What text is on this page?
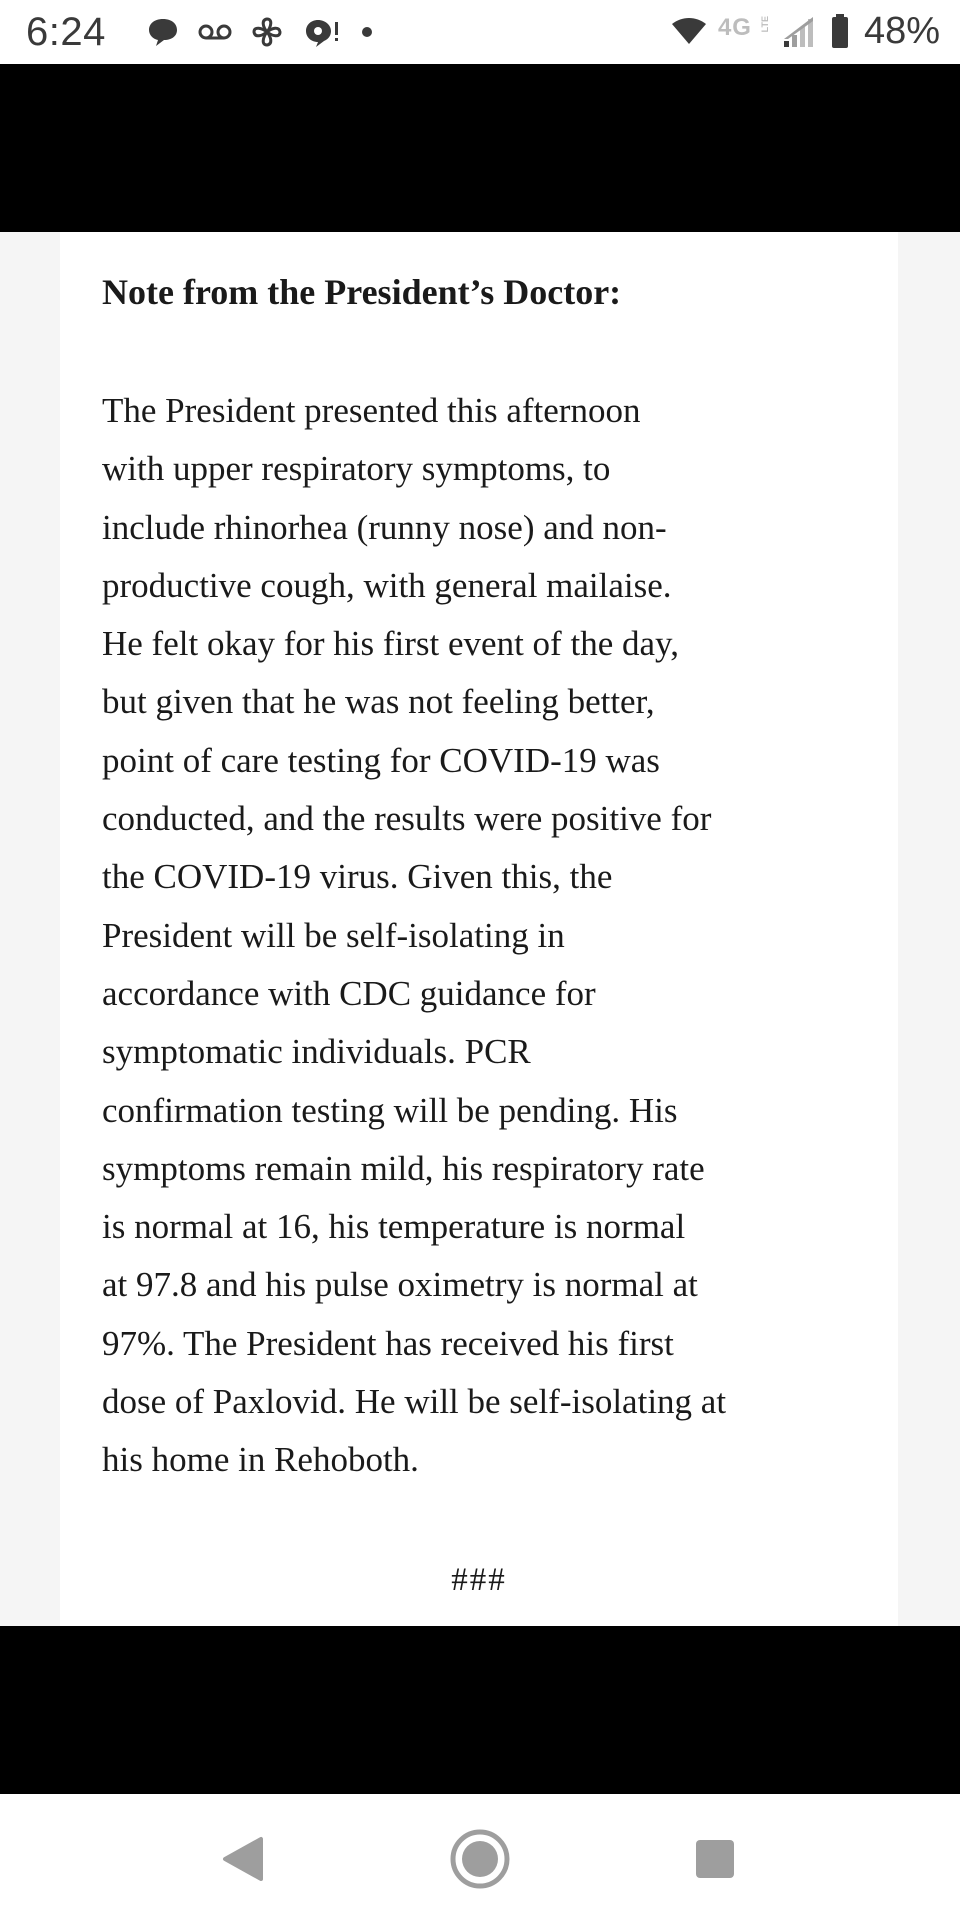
6:24	4G LTE 48%
Note from the President’s Doctor:

The President presented this afternoon
with upper respiratory symptoms, to
include rhinorhea (runny nose) and non-
productive cough, with general mailaise.
He felt okay for his first event of the day,
but given that he was not feeling better,
point of care testing for COVID-19 was
conducted, and the results were positive for
the COVID-19 virus. Given this, the
President will be self-isolating in
accordance with CDC guidance for
symptomatic individuals. PCR
confirmation testing will be pending. His
symptoms remain mild, his respiratory rate
is normal at 16, his temperature is normal
at 97.8 and his pulse oximetry is normal at
97%. The President has received his first
dose of Paxlovid. He will be self-isolating at
his home in Rehoboth.

###
